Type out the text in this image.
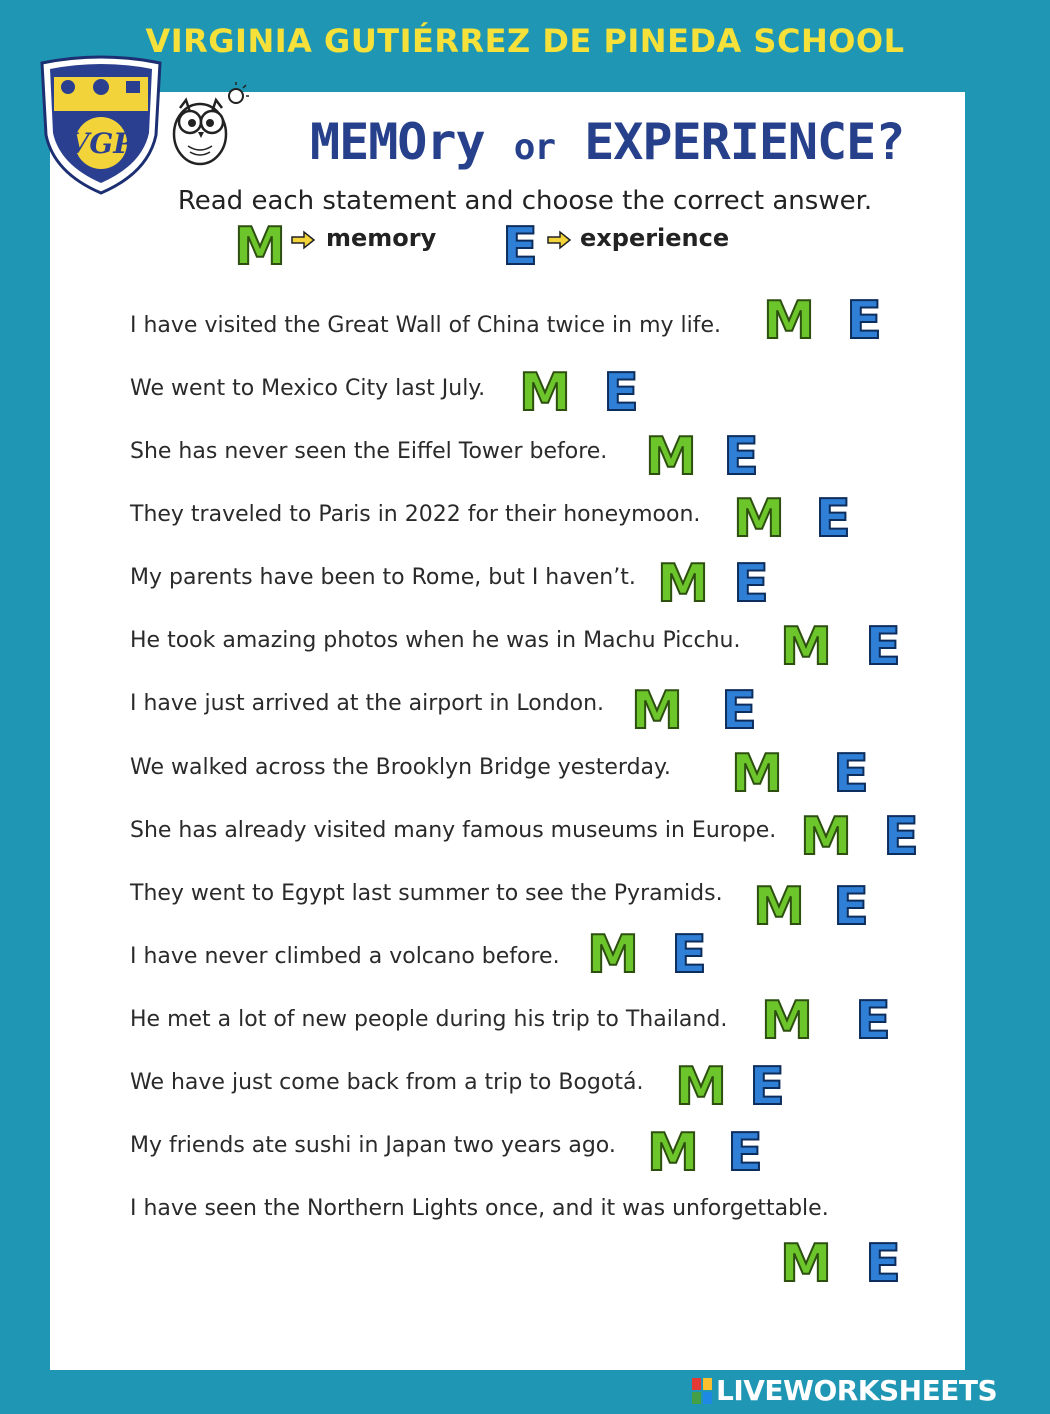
VIRGINIA GUTIÉRREZ DE PINEDA SCHOOL
VGP	MEMOry or EXPERIENCE?
Read each statement and choose the correct answer.
M memory E experience
I have visited the Great Wall of China twice in my life. M E
We went to Mexico City last July. M E
She has never seen the Eiffel Tower before. M E
They traveled to Paris in 2022 for their honeymoon. M E
My parents have been to Rome, but I haven’t. M E
He took amazing photos when he was in Machu Picchu. M E
I have just arrived at the airport in London. M E
We walked across the Brooklyn Bridge yesterday. M E
She has already visited many famous museums in Europe. M E
They went to Egypt last summer to see the Pyramids. M E
I have never climbed a volcano before. M E
He met a lot of new people during his trip to Thailand. M E
We have just come back from a trip to Bogotá. M E
My friends ate sushi in Japan two years ago. M E
I have seen the Northern Lights once, and it was unforgettable.
M E
LIVEWORKSHEETS
